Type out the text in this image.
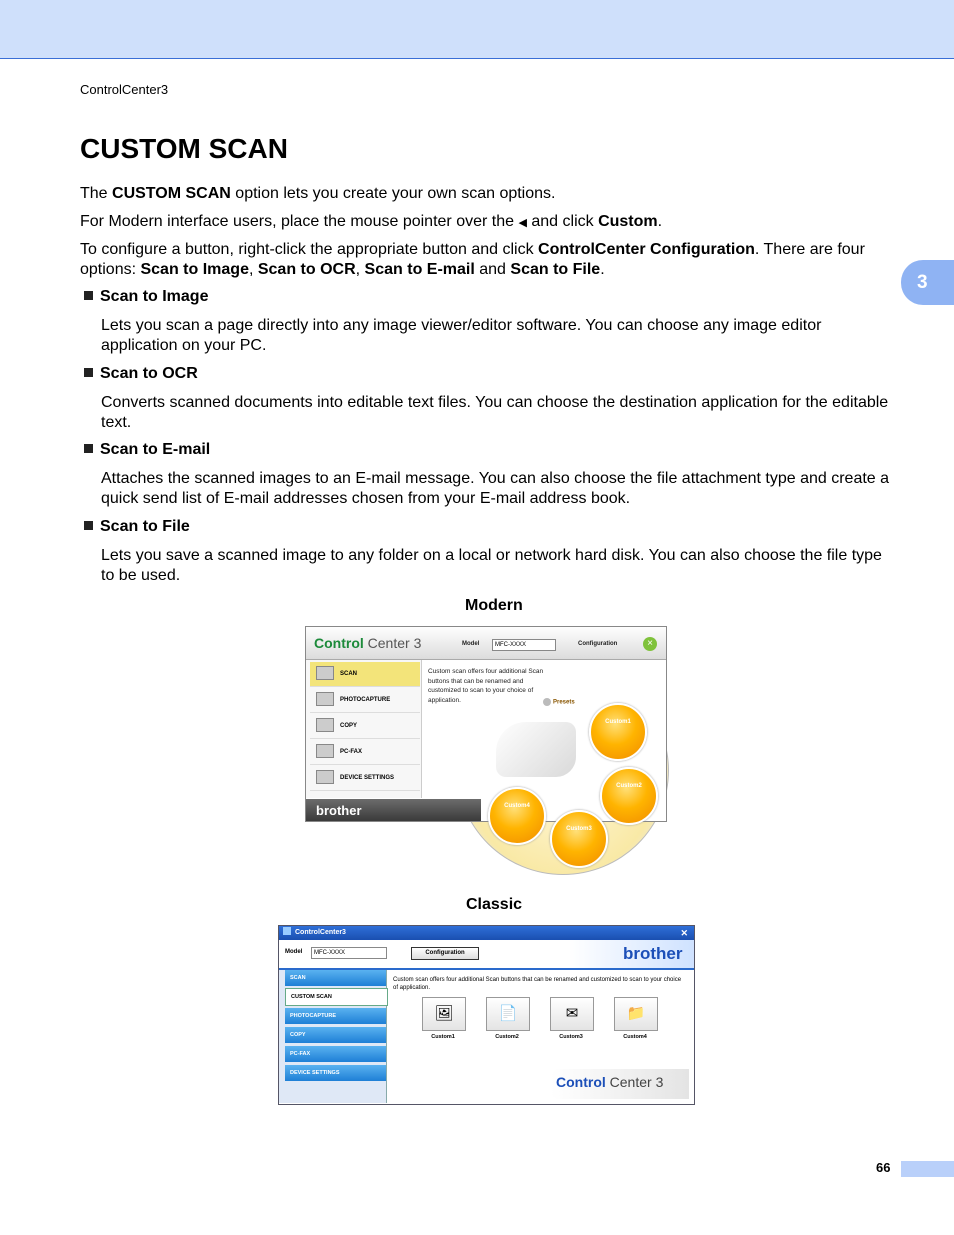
ControlCenter3
3
CUSTOM SCAN

The CUSTOM SCAN option lets you create your own scan options.

For Modern interface users, place the mouse pointer over the ◀ and click Custom.

To configure a button, right-click the appropriate button and click ControlCenter Configuration. There are four options: Scan to Image, Scan to OCR, Scan to E-mail and Scan to File.

Scan to Image

Lets you scan a page directly into any image viewer/editor software. You can choose any image editor application on your PC.

Scan to OCR

Converts scanned documents into editable text files. You can choose the destination application for the editable text.

Scan to E-mail

Attaches the scanned images to an E-mail message. You can also choose the file attachment type and create a quick send list of E-mail addresses chosen from your E-mail address book.

Scan to File

Lets you save a scanned image to any folder on a local or network hard disk. You can also choose the file type to be used.

Modern
Control Center 3	Model	MFC-XXXX	Configuration	×
SCAN
PHOTOCAPTURE
COPY
PC-FAX
DEVICE SETTINGS
Custom scan offers four additional Scan buttons that can be renamed and customized to scan to your choice of application.
brother
Presets
Custom1
Custom2
Custom3
Custom4
Classic
ControlCenter3	✕
Model	MFC-XXXX	Configuration	brother
SCAN
CUSTOM SCAN
PHOTOCAPTURE
COPY
PC-FAX
DEVICE SETTINGS
Custom scan offers four additional Scan buttons that can be renamed and customized to scan to your choice of application.
🖼
Custom1
📄
Custom2
✉
Custom3
📁
Custom4
Control Center 3
66
